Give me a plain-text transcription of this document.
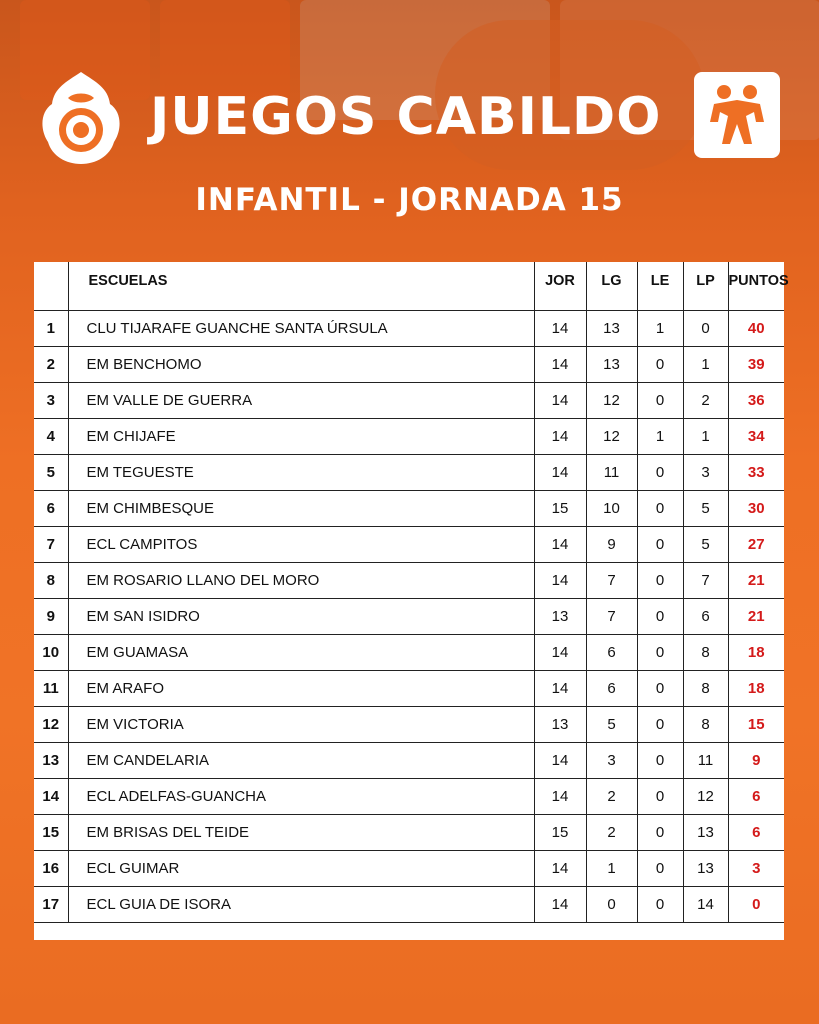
JUEGOS CABILDO
INFANTIL - JORNADA 15
	ESCUELAS	JOR	LG	LE	LP	PUNTOS
1	CLU TIJARAFE GUANCHE SANTA ÚRSULA	14	13	1	0	40
2	EM BENCHOMO	14	13	0	1	39
3	EM VALLE DE GUERRA	14	12	0	2	36
4	EM CHIJAFE	14	12	1	1	34
5	EM TEGUESTE	14	11	0	3	33
6	EM CHIMBESQUE	15	10	0	5	30
7	ECL CAMPITOS	14	9	0	5	27
8	EM ROSARIO LLANO DEL MORO	14	7	0	7	21
9	EM SAN ISIDRO	13	7	0	6	21
10	EM GUAMASA	14	6	0	8	18
11	EM ARAFO	14	6	0	8	18
12	EM VICTORIA	13	5	0	8	15
13	EM CANDELARIA	14	3	0	11	9
14	ECL ADELFAS-GUANCHA	14	2	0	12	6
15	EM BRISAS DEL TEIDE	15	2	0	13	6
16	ECL GUIMAR	14	1	0	13	3
17	ECL GUIA DE ISORA	14	0	0	14	0
